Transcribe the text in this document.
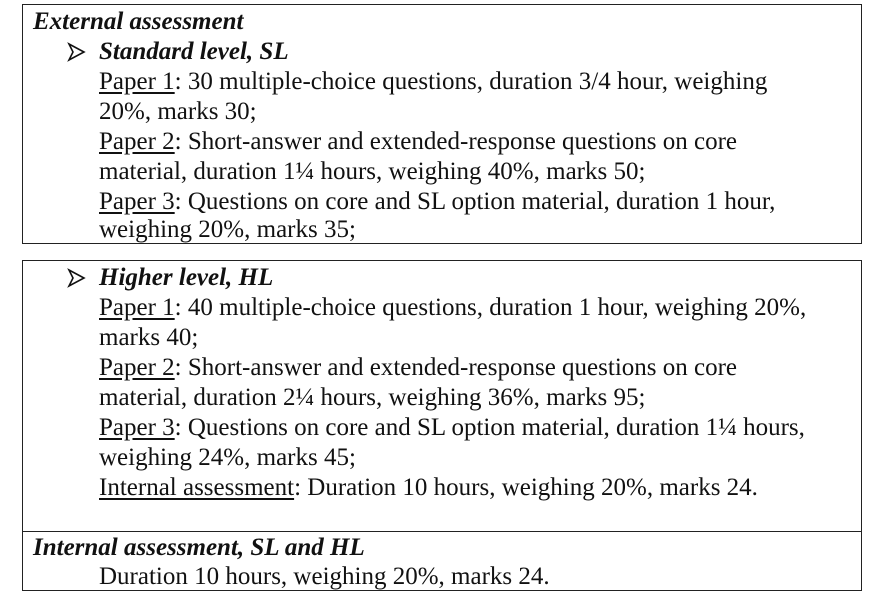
External assessment
Standard level, SL
Paper 1: 30 multiple-choice questions, duration 3/4 hour, weighing
20%, marks 30;
Paper 2: Short-answer and extended-response questions on core
material, duration 1¼ hours, weighing 40%, marks 50;
Paper 3: Questions on core and SL option material, duration 1 hour,
weighing 20%, marks 35;
Higher level, HL
Paper 1: 40 multiple-choice questions, duration 1 hour, weighing 20%,
marks 40;
Paper 2: Short-answer and extended-response questions on core
material, duration 2¼ hours, weighing 36%, marks 95;
Paper 3: Questions on core and SL option material, duration 1¼ hours,
weighing 24%, marks 45;
Internal assessment: Duration 10 hours, weighing 20%, marks 24.
Internal assessment, SL and HL
Duration 10 hours, weighing 20%, marks 24.
